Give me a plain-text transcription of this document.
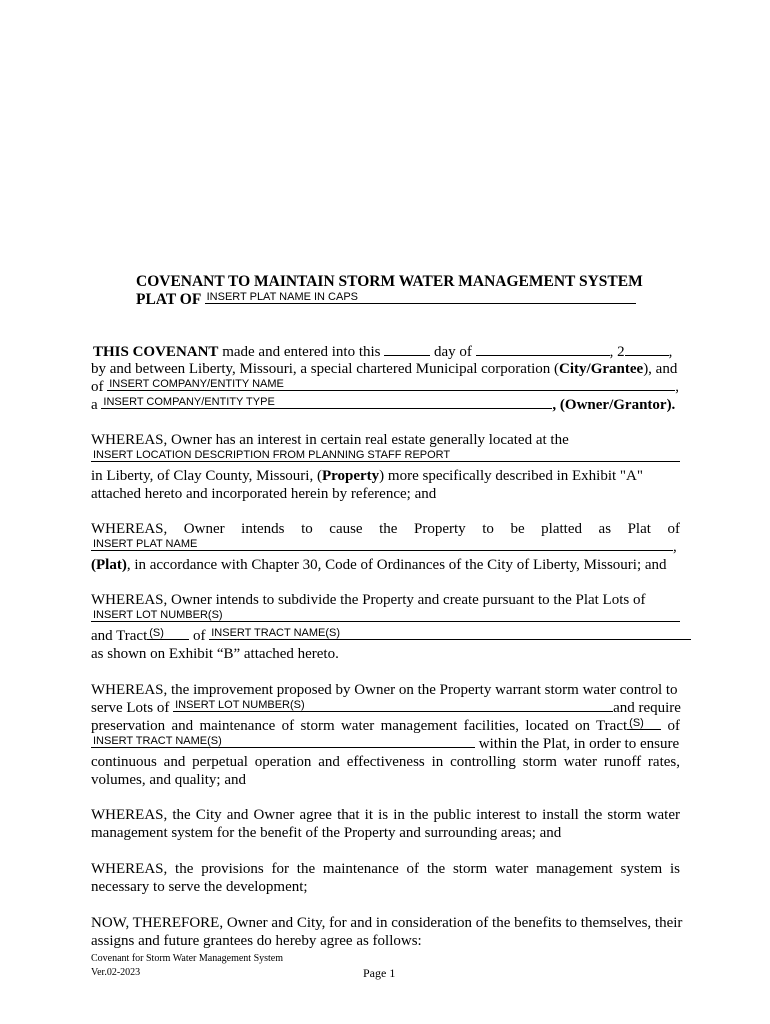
COVENANT TO MAINTAIN STORM WATER MANAGEMENT SYSTEM
PLAT OF INSERT PLAT NAME IN CAPS
THIS COVENANT made and entered into this	day of	, 2	,
by and between Liberty, Missouri, a special chartered Municipal corporation (City/Grantee), and
of INSERT COMPANY/ENTITY NAME	,
a INSERT COMPANY/ENTITY TYPE	, (Owner/Grantor).
WHEREAS, Owner has an interest in certain real estate generally located at the
INSERT LOCATION DESCRIPTION FROM PLANNING STAFF REPORT
in Liberty, of Clay County, Missouri, (Property) more specifically described in Exhibit "A"
attached hereto and incorporated herein by reference; and
WHEREAS, Owner intends to cause the Property to be platted as Plat of
INSERT PLAT NAME	,
(Plat), in accordance with Chapter 30, Code of Ordinances of the City of Liberty, Missouri; and
WHEREAS, Owner intends to subdivide the Property and create pursuant to the Plat Lots of
INSERT LOT NUMBER(S)
and Tract (S) of INSERT TRACT NAME(S)
as shown on Exhibit “B” attached hereto.
WHEREAS, the improvement proposed by Owner on the Property warrant storm water control to
serve Lots of INSERT LOT NUMBER(S)	and require
preservation and maintenance of storm water management facilities, located on Tract (S) of
INSERT TRACT NAME(S)	within the Plat, in order to ensure
continuous and perpetual operation and effectiveness in controlling storm water runoff rates,
volumes, and quality; and
WHEREAS, the City and Owner agree that it is in the public interest to install the storm water
management system for the benefit of the Property and surrounding areas; and
WHEREAS, the provisions for the maintenance of the storm water management system is
necessary to serve the development;
NOW, THEREFORE, Owner and City, for and in consideration of the benefits to themselves, their
assigns and future grantees do hereby agree as follows:
Covenant for Storm Water Management System
Ver.02-2023	Page 1
